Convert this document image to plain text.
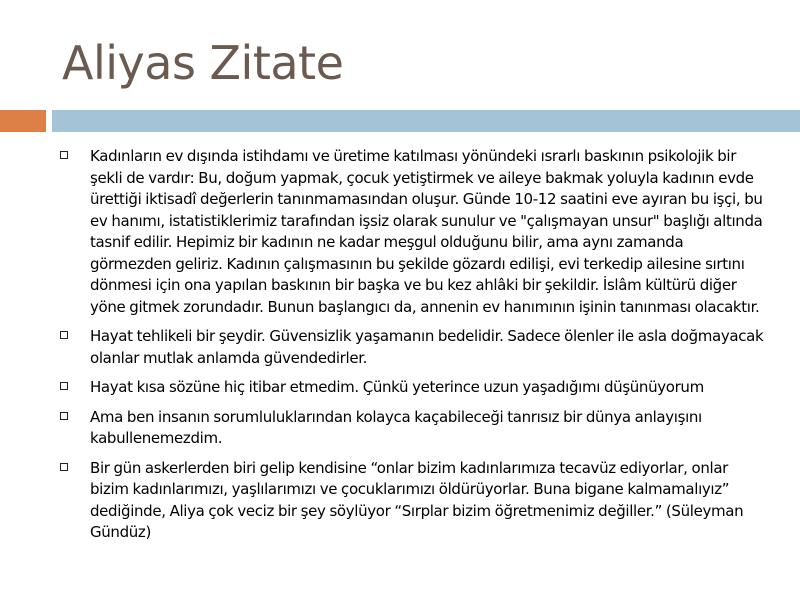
Aliyas Zitate
Kadınların ev dışında istihdamı ve üretime katılması yönündeki ısrarlı baskının psikolojik bir şekli de vardır: Bu, doğum yapmak, çocuk yetiştirmek ve aileye bakmak yoluyla kadının evde ürettiği iktisadî değerlerin tanınmamasından oluşur. Günde 10-12 saatini eve ayıran bu işçi, bu ev hanımı, istatistiklerimiz tarafından işsiz olarak sunulur ve "çalışmayan unsur" başlığı altında tasnif edilir. Hepimiz bir kadının ne kadar meşgul olduğunu bilir, ama aynı zamanda görmezden geliriz. Kadının çalışmasının bu şekilde gözardı edilişi, evi terkedip ailesine sırtını dönmesi için ona yapılan baskının bir başka ve bu kez ahlâki bir şekildir. İslâm kültürü diğer yöne gitmek zorundadır. Bunun başlangıcı da, annenin ev hanımının işinin tanınması olacaktır.
Hayat tehlikeli bir şeydir. Güvensizlik yaşamanın bedelidir. Sadece ölenler ile asla doğmayacak olanlar mutlak anlamda güvendedirler.
Hayat kısa sözüne hiç itibar etmedim. Çünkü yeterince uzun yaşadığımı düşünüyorum
Ama ben insanın sorumluluklarından kolayca kaçabileceği tanrısız bir dünya anlayışını kabullenemezdim.
Bir gün askerlerden biri gelip kendisine “onlar bizim kadınlarımıza tecavüz ediyorlar, onlar bizim kadınlarımızı, yaşlılarımızı ve çocuklarımızı öldürüyorlar. Buna bigane kalmamalıyız” dediğinde, Aliya çok veciz bir şey söylüyor “Sırplar bizim öğretmenimiz değiller.” (Süleyman Gündüz)
